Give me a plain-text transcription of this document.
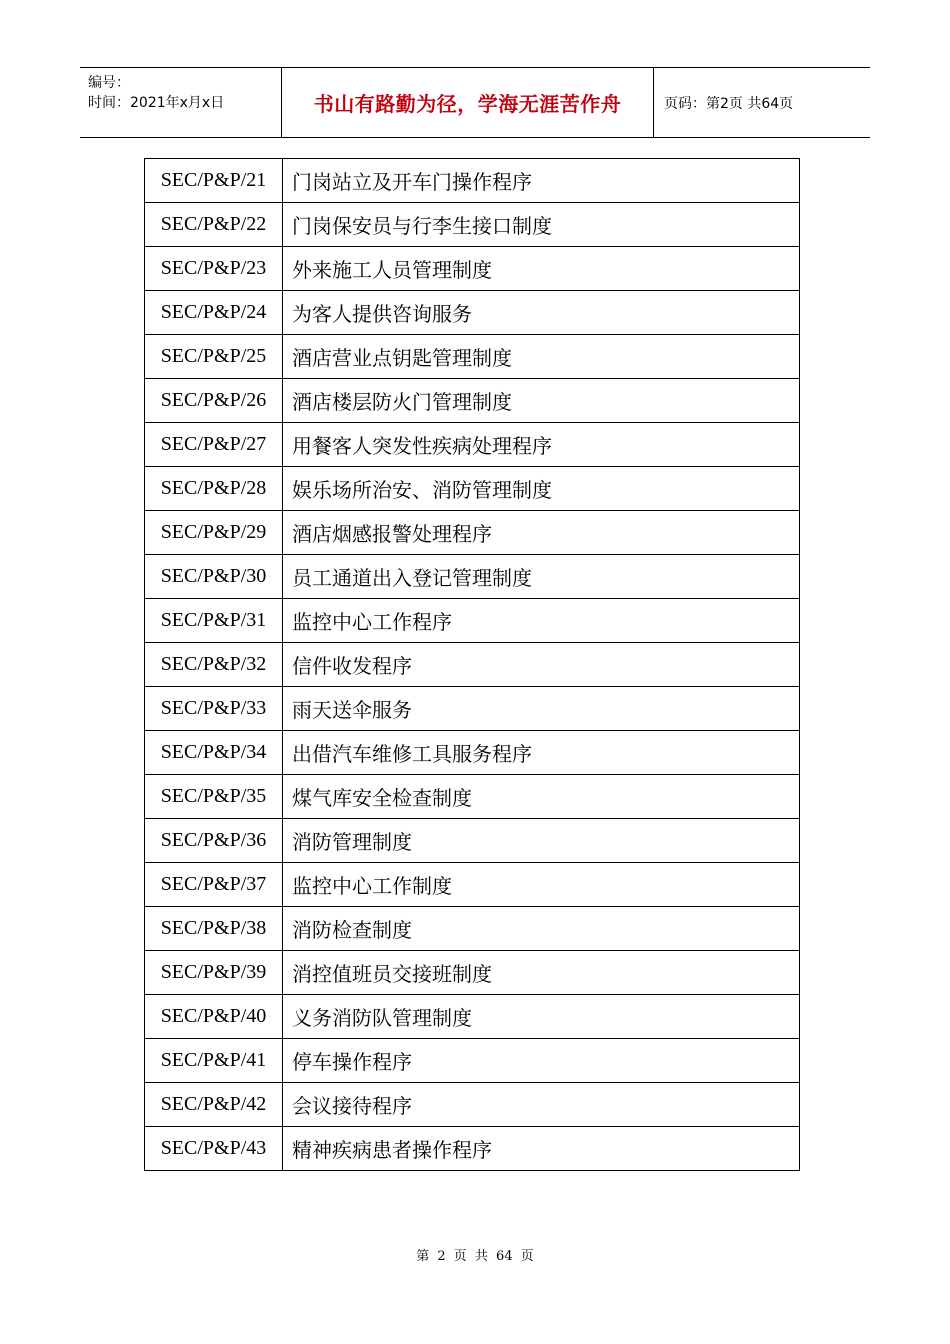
编号：
时间：2021年x月x日	书山有路勤为径，学海无涯苦作舟	页码：第2页 共64页
SEC/P&P/21	门岗站立及开车门操作程序
SEC/P&P/22	门岗保安员与行李生接口制度
SEC/P&P/23	外来施工人员管理制度
SEC/P&P/24	为客人提供咨询服务
SEC/P&P/25	酒店营业点钥匙管理制度
SEC/P&P/26	酒店楼层防火门管理制度
SEC/P&P/27	用餐客人突发性疾病处理程序
SEC/P&P/28	娱乐场所治安、消防管理制度
SEC/P&P/29	酒店烟感报警处理程序
SEC/P&P/30	员工通道出入登记管理制度
SEC/P&P/31	监控中心工作程序
SEC/P&P/32	信件收发程序
SEC/P&P/33	雨天送伞服务
SEC/P&P/34	出借汽车维修工具服务程序
SEC/P&P/35	煤气库安全检查制度
SEC/P&P/36	消防管理制度
SEC/P&P/37	监控中心工作制度
SEC/P&P/38	消防检查制度
SEC/P&P/39	消控值班员交接班制度
SEC/P&P/40	义务消防队管理制度
SEC/P&P/41	停车操作程序
SEC/P&P/42	会议接待程序
SEC/P&P/43	精神疾病患者操作程序
第 2 页 共 64 页
